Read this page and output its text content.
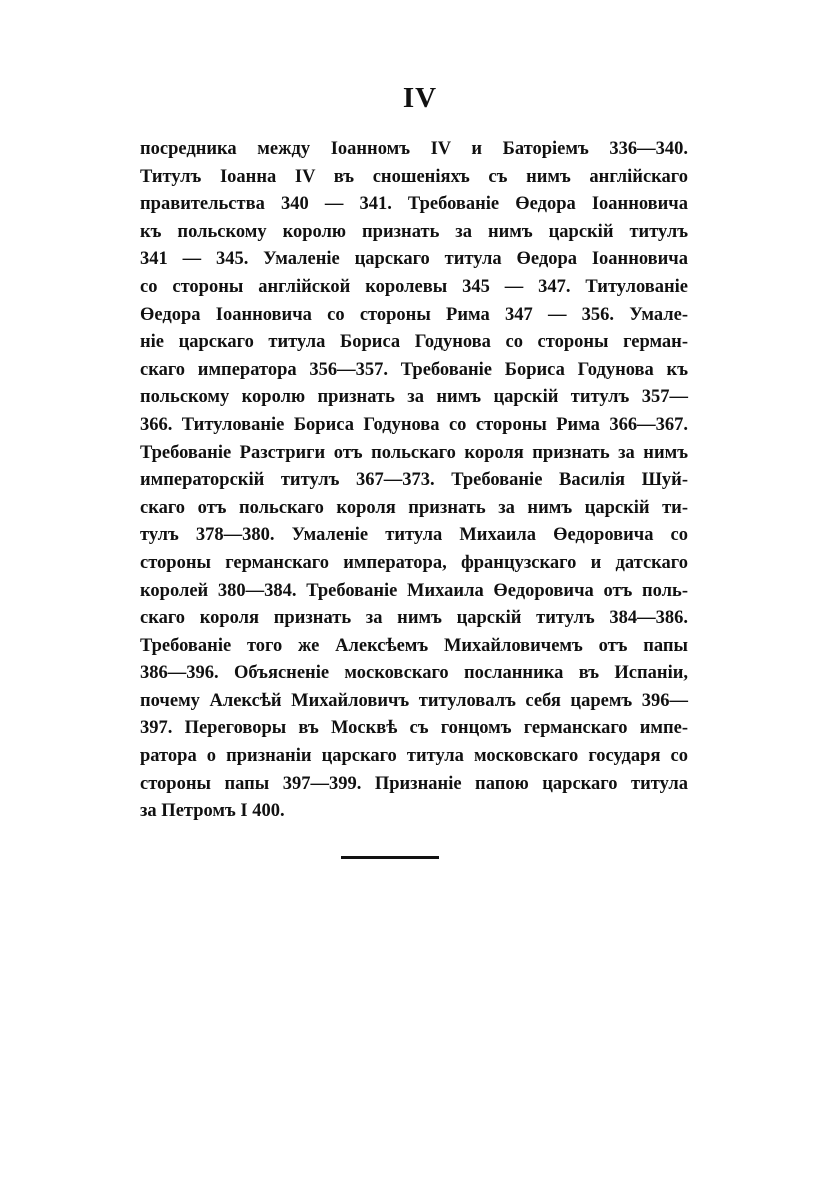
IV
посредника между Іоанномъ IV и Баторіемъ 336—340.
Титулъ Іоанна IV въ сношеніяхъ съ нимъ англійскаго
правительства 340 — 341. Требованіе Өедора Іоанновича
къ польскому королю признать за нимъ царскій титулъ
341 — 345. Умаленіе царскаго титула Өедора Іоанновича
со стороны англійской королевы 345 — 347. Титулованіе
Өедора Іоанновича со стороны Рима 347 — 356. Умале-
ніе царскаго титула Бориса Годунова со стороны герман-
скаго императора 356—357. Требованіе Бориса Годунова къ
польскому королю признать за нимъ царскій титулъ 357—
366. Титулованіе Бориса Годунова со стороны Рима 366—367.
Требованіе Разстриги отъ польскаго короля признать за нимъ
императорскій титулъ 367—373. Требованіе Василія Шуй-
скаго отъ польскаго короля признать за нимъ царскій ти-
тулъ 378—380. Умаленіе титула Михаила Өедоровича со
стороны германскаго императора, французскаго и датскаго
королей 380—384. Требованіе Михаила Өедоровича отъ поль-
скаго короля признать за нимъ царскій титулъ 384—386.
Требованіе того же Алексѣемъ Михайловичемъ отъ папы
386—396. Объясненіе московскаго посланника въ Испаніи,
почему Алексѣй Михайловичъ титуловалъ себя царемъ 396—
397. Переговоры въ Москвѣ съ гонцомъ германскаго импе-
ратора о признаніи царскаго титула московскаго государя со
стороны папы 397—399. Признаніе папою царскаго титула
за Петромъ I 400.
